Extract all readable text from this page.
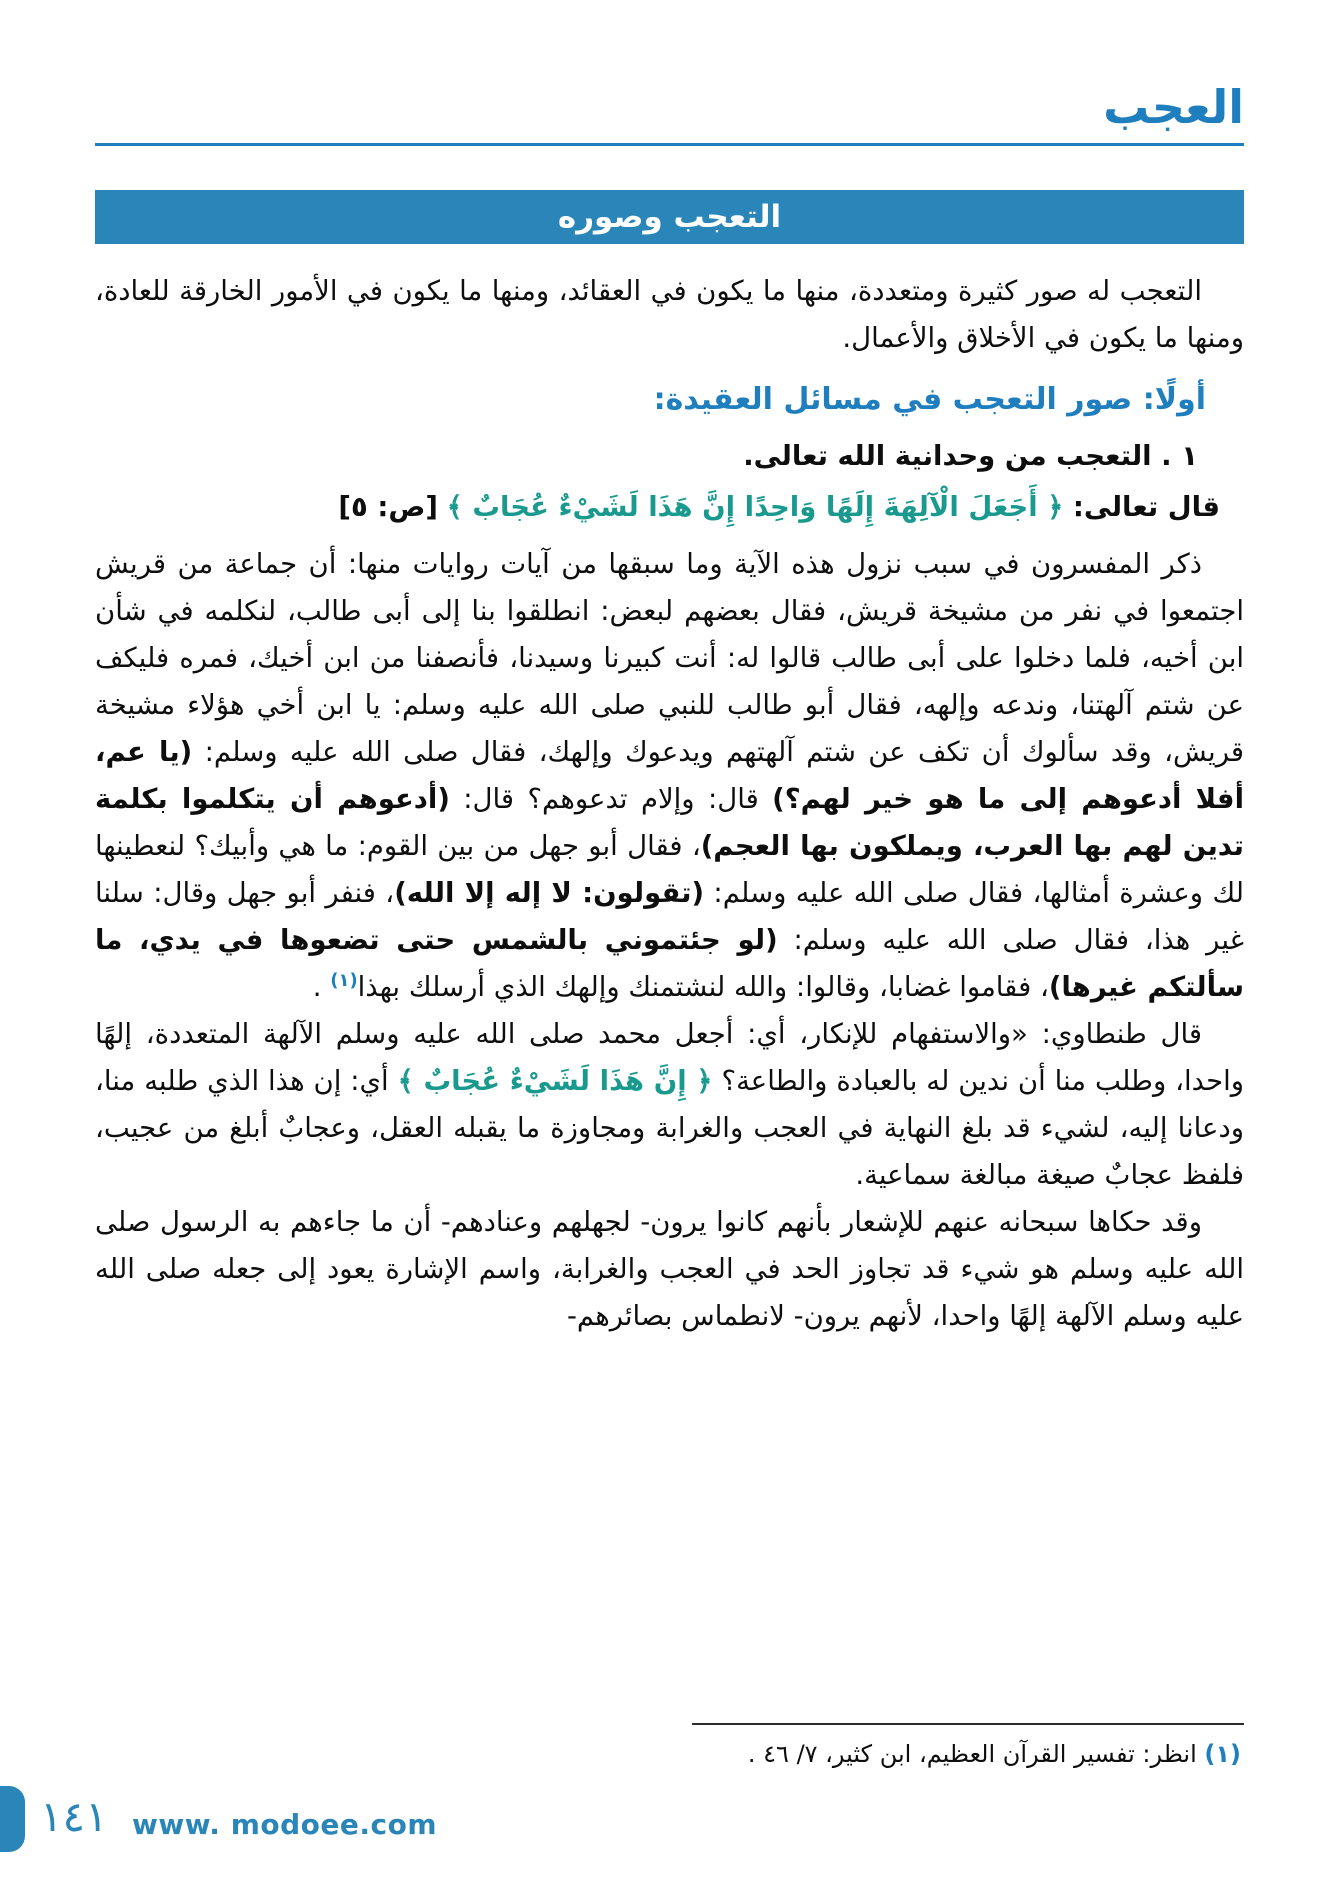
العجب
التعجب وصوره

التعجب له صور كثيرة ومتعددة، منها ما يكون في العقائد، ومنها ما يكون في الأمور الخارقة للعادة، ومنها ما يكون في الأخلاق والأعمال.

أولًا: صور التعجب في مسائل العقيدة:

١ . التعجب من وحدانية الله تعالى.

قال تعالى: ﴿ أَجَعَلَ الْآلِهَةَ إِلَهًا وَاحِدًا إِنَّ هَذَا لَشَيْءٌ عُجَابٌ ﴾ [ص: ٥]

ذكر المفسرون في سبب نزول هذه الآية وما سبقها من آيات روايات منها: أن جماعة من قريش اجتمعوا في نفر من مشيخة قريش، فقال بعضهم لبعض: انطلقوا بنا إلى أبى طالب، لنكلمه في شأن ابن أخيه، فلما دخلوا على أبى طالب قالوا له: أنت كبيرنا وسيدنا، فأنصفنا من ابن أخيك، فمره فليكف عن شتم آلهتنا، وندعه وإلهه، فقال أبو طالب للنبي صلى الله عليه وسلم: يا ابن أخي هؤلاء مشيخة قريش، وقد سألوك أن تكف عن شتم آلهتهم ويدعوك وإلهك، فقال صلى الله عليه وسلم: (يا عم، أفلا أدعوهم إلى ما هو خير لهم؟) قال: وإلام تدعوهم؟ قال: (أدعوهم أن يتكلموا بكلمة تدين لهم بها العرب، ويملكون بها العجم)، فقال أبو جهل من بين القوم: ما هي وأبيك؟ لنعطينها لك وعشرة أمثالها، فقال صلى الله عليه وسلم: (تقولون: لا إله إلا الله)، فنفر أبو جهل وقال: سلنا غير هذا، فقال صلى الله عليه وسلم: (لو جئتموني بالشمس حتى تضعوها في يدي، ما سألتكم غيرها)، فقاموا غضابا، وقالوا: والله لنشتمنك وإلهك الذي أرسلك بهذا$^{(١)}$ .

قال طنطاوي: «والاستفهام للإنكار، أي: أجعل محمد صلى الله عليه وسلم الآلهة المتعددة، إلهًا واحدا، وطلب منا أن ندين له بالعبادة والطاعة؟ ﴿ إِنَّ هَذَا لَشَيْءٌ عُجَابٌ ﴾ أي: إن هذا الذي طلبه منا، ودعانا إليه، لشيء قد بلغ النهاية في العجب والغرابة ومجاوزة ما يقبله العقل، وعجابٌ أبلغ من عجيب، فلفظ عجابٌ صيغة مبالغة سماعية.

وقد حكاها سبحانه عنهم للإشعار بأنهم كانوا يرون- لجهلهم وعنادهم- أن ما جاءهم به الرسول صلى الله عليه وسلم هو شيء قد تجاوز الحد في العجب والغرابة، واسم الإشارة يعود إلى جعله صلى الله عليه وسلم الآلهة إلهًا واحدا، لأنهم يرون- لانطماس بصائرهم-

(١) انظر: تفسير القرآن العظيم، ابن كثير، ٧/ ٤٦ .

١٤١ www. modoee.com
